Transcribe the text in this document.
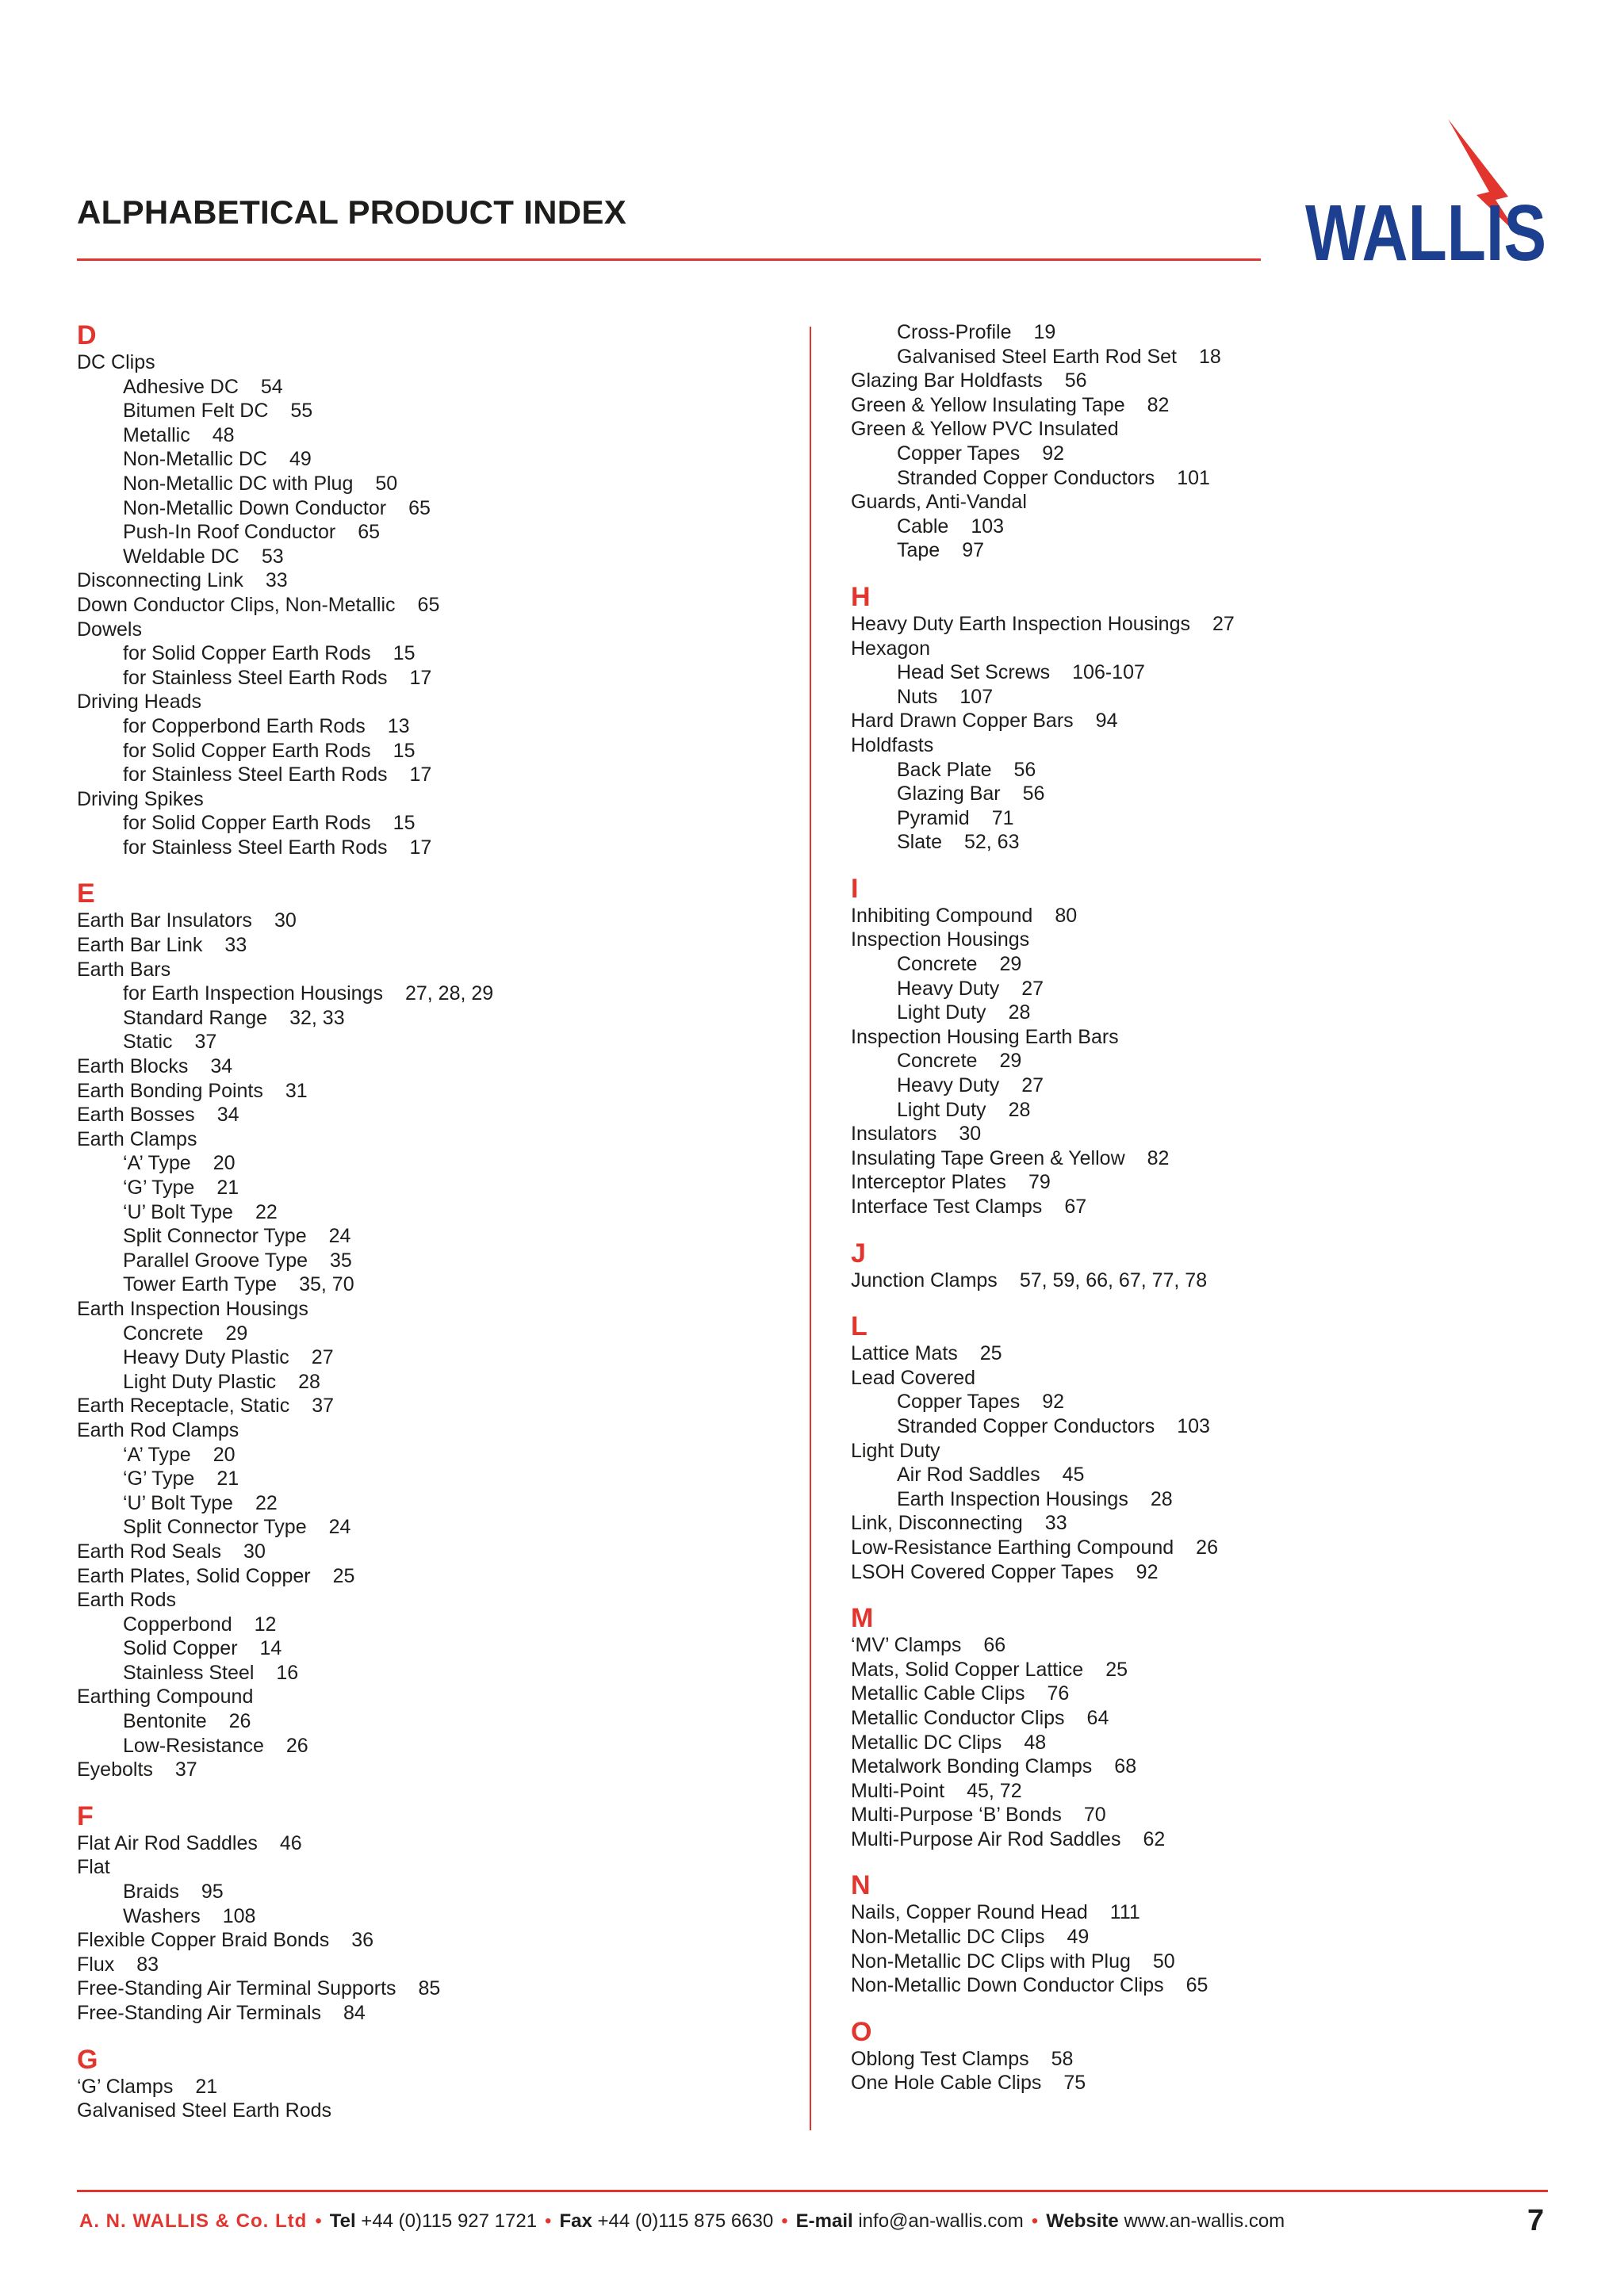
ALPHABETICAL PRODUCT INDEX	WALLIS
D
DC Clips
Adhesive DC 54
Bitumen Felt DC 55
Metallic 48
Non-Metallic DC 49
Non-Metallic DC with Plug 50
Non-Metallic Down Conductor 65
Push-In Roof Conductor 65
Weldable DC 53
Disconnecting Link 33
Down Conductor Clips, Non-Metallic 65
Dowels
for Solid Copper Earth Rods 15
for Stainless Steel Earth Rods 17
Driving Heads
for Copperbond Earth Rods 13
for Solid Copper Earth Rods 15
for Stainless Steel Earth Rods 17
Driving Spikes
for Solid Copper Earth Rods 15
for Stainless Steel Earth Rods 17
E
Earth Bar Insulators 30
Earth Bar Link 33
Earth Bars
for Earth Inspection Housings 27, 28, 29
Standard Range 32, 33
Static 37
Earth Blocks 34
Earth Bonding Points 31
Earth Bosses 34
Earth Clamps
‘A’ Type 20
‘G’ Type 21
‘U’ Bolt Type 22
Split Connector Type 24
Parallel Groove Type 35
Tower Earth Type 35, 70
Earth Inspection Housings
Concrete 29
Heavy Duty Plastic 27
Light Duty Plastic 28
Earth Receptacle, Static 37
Earth Rod Clamps
‘A’ Type 20
‘G’ Type 21
‘U’ Bolt Type 22
Split Connector Type 24
Earth Rod Seals 30
Earth Plates, Solid Copper 25
Earth Rods
Copperbond 12
Solid Copper 14
Stainless Steel 16
Earthing Compound
Bentonite 26
Low-Resistance 26
Eyebolts 37
F
Flat Air Rod Saddles 46
Flat
Braids 95
Washers 108
Flexible Copper Braid Bonds 36
Flux 83
Free-Standing Air Terminal Supports 85
Free-Standing Air Terminals 84
G
‘G’ Clamps 21
Galvanised Steel Earth Rods
Cross-Profile 19
Galvanised Steel Earth Rod Set 18
Glazing Bar Holdfasts 56
Green & Yellow Insulating Tape 82
Green & Yellow PVC Insulated
Copper Tapes 92
Stranded Copper Conductors 101
Guards, Anti-Vandal
Cable 103
Tape 97
H
Heavy Duty Earth Inspection Housings 27
Hexagon
Head Set Screws 106-107
Nuts 107
Hard Drawn Copper Bars 94
Holdfasts
Back Plate 56
Glazing Bar 56
Pyramid 71
Slate 52, 63
I
Inhibiting Compound 80
Inspection Housings
Concrete 29
Heavy Duty 27
Light Duty 28
Inspection Housing Earth Bars
Concrete 29
Heavy Duty 27
Light Duty 28
Insulators 30
Insulating Tape Green & Yellow 82
Interceptor Plates 79
Interface Test Clamps 67
J
Junction Clamps 57, 59, 66, 67, 77, 78
L
Lattice Mats 25
Lead Covered
Copper Tapes 92
Stranded Copper Conductors 103
Light Duty
Air Rod Saddles 45
Earth Inspection Housings 28
Link, Disconnecting 33
Low-Resistance Earthing Compound 26
LSOH Covered Copper Tapes 92
M
‘MV’ Clamps 66
Mats, Solid Copper Lattice 25
Metallic Cable Clips 76
Metallic Conductor Clips 64
Metallic DC Clips 48
Metalwork Bonding Clamps 68
Multi-Point 45, 72
Multi-Purpose ‘B’ Bonds 70
Multi-Purpose Air Rod Saddles 62
N
Nails, Copper Round Head 111
Non-Metallic DC Clips 49
Non-Metallic DC Clips with Plug 50
Non-Metallic Down Conductor Clips 65
O
Oblong Test Clamps 58
One Hole Cable Clips 75
A. N. WALLIS & Co. Ltd • Tel +44 (0)115 927 1721 • Fax +44 (0)115 875 6630 • E-mail info@an-wallis.com • Website www.an-wallis.com	7
